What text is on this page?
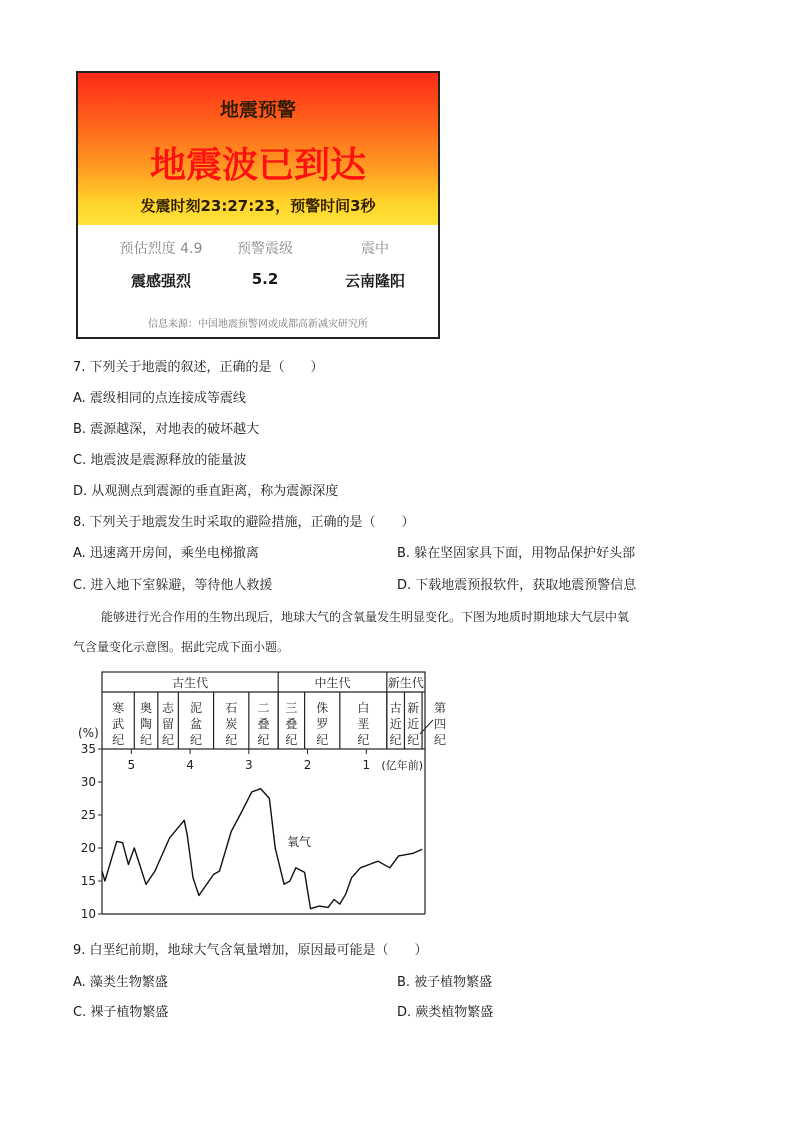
地震预警
地震波已到达
发震时刻23:27:23，预警时间3秒
预估烈度 4.9
震感强烈
预警震级
5.2
震中
云南隆阳
信息来源：中国地震预警网或成都高新减灾研究所
7. 下列关于地震的叙述，正确的是（　　）
A. 震级相同的点连接成等震线
B. 震源越深，对地表的破坏越大
C. 地震波是震源释放的能量波
D. 从观测点到震源的垂直距离，称为震源深度
8. 下列关于地震发生时采取的避险措施，正确的是（　　）
A. 迅速离开房间，乘坐电梯撤离	B. 躲在坚固家具下面，用物品保护好头部
C. 进入地下室躲避，等待他人救援	D. 下载地震预报软件，获取地震预警信息
能够进行光合作用的生物出现后，地球大气的含氧量发生明显变化。下图为地质时期地球大气层中氧
气含量变化示意图。据此完成下面小题。
古生代	中生代	新生代
寒
武
纪
奥
陶
纪
志
留
纪
泥
盆
纪
石
炭
纪
二
叠
纪
三
叠
纪
侏
罗
纪
白
垩
纪
古
近
纪
新
近
纪
第
四
纪
(%)
35
30
25
20
15
10
5	4	3	2	1 (亿年前)
氧气
9. 白垩纪前期，地球大气含氧量增加，原因最可能是（　　）
A. 藻类生物繁盛	B. 被子植物繁盛
C. 裸子植物繁盛	D. 蕨类植物繁盛
